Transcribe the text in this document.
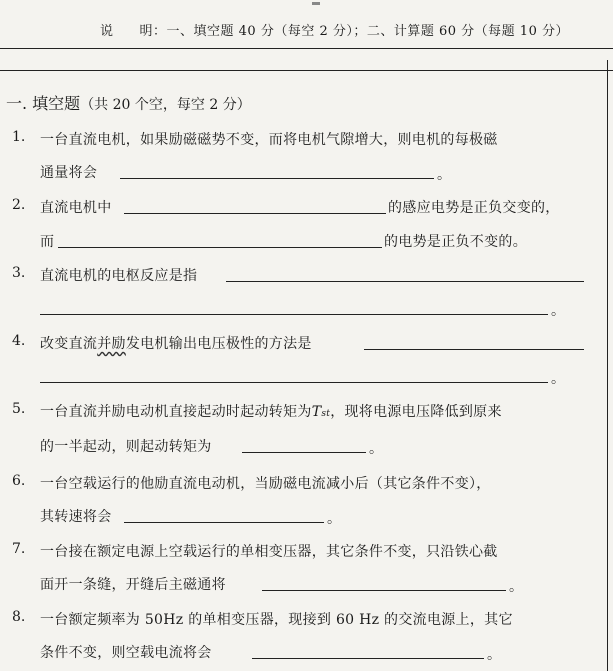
说 明：一、填空题 40 分（每空 2 分）；二、计算题 60 分（每题 10 分）
一. 填空题（共 20 个空，每空 2 分）
1. 一台直流电机，如果励磁磁势不变，而将电机气隙增大，则电机的每极磁
通量将会	。
2. 直流电机中	的感应电势是正负交变的，
而	的电势是正负不变的。
3. 直流电机的电枢反应是指
。
4. 改变直流并励发电机输出电压极性的方法是
。
5. 一台直流并励电动机直接起动时起动转矩为Tst，现将电源电压降低到原来
的一半起动，则起动转矩为	。
6. 一台空载运行的他励直流电动机，当励磁电流减小后（其它条件不变），
其转速将会	。
7. 一台接在额定电源上空载运行的单相变压器，其它条件不变，只沿铁心截
面开一条缝，开缝后主磁通将	。
8. 一台额定频率为 50Hz 的单相变压器，现接到 60 Hz 的交流电源上，其它
条件不变，则空载电流将会	。
